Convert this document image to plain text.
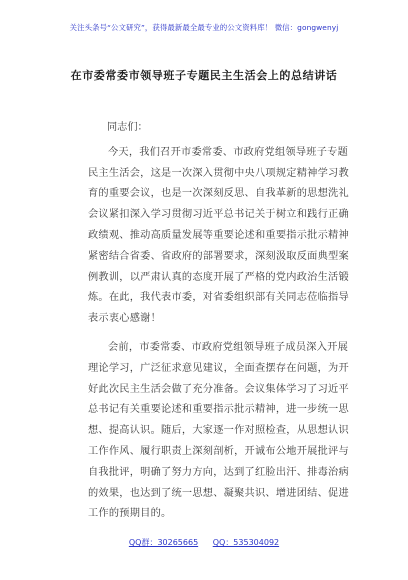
关注头条号“公文研究”，获得最新最全最专业的公文资料库！ 微信：gongwenyj
在市委常委市领导班子专题民主生活会上的总结讲话
同志们：
今天，我们召开市委常委、市政府党组领导班子专题
民主生活会，这是一次深入贯彻中央八项规定精神学习教
育的重要会议，也是一次深刻反思、自我革新的思想洗礼
会议紧扣深入学习贯彻习近平总书记关于树立和践行正确
政绩观、推动高质量发展等重要论述和重要指示批示精神
紧密结合省委、省政府的部署要求，深刻汲取反面典型案
例教训，以严肃认真的态度开展了严格的党内政治生活锻
炼。在此，我代表市委，对省委组织部有关同志莅临指导
表示衷心感谢！
会前，市委常委、市政府党组领导班子成员深入开展
理论学习，广泛征求意见建议，全面查摆存在问题，为开
好此次民主生活会做了充分准备。会议集体学习了习近平
总书记有关重要论述和重要指示批示精神，进一步统一思
想、提高认识。随后，大家逐一作对照检查，从思想认识
工作作风、履行职责上深刻剖析，开诚布公地开展批评与
自我批评，明确了努力方向，达到了红脸出汗、排毒治病
的效果，也达到了统一思想、凝聚共识、增进团结、促进
工作的预期目的。
QQ群：30265665 QQ：535304092
